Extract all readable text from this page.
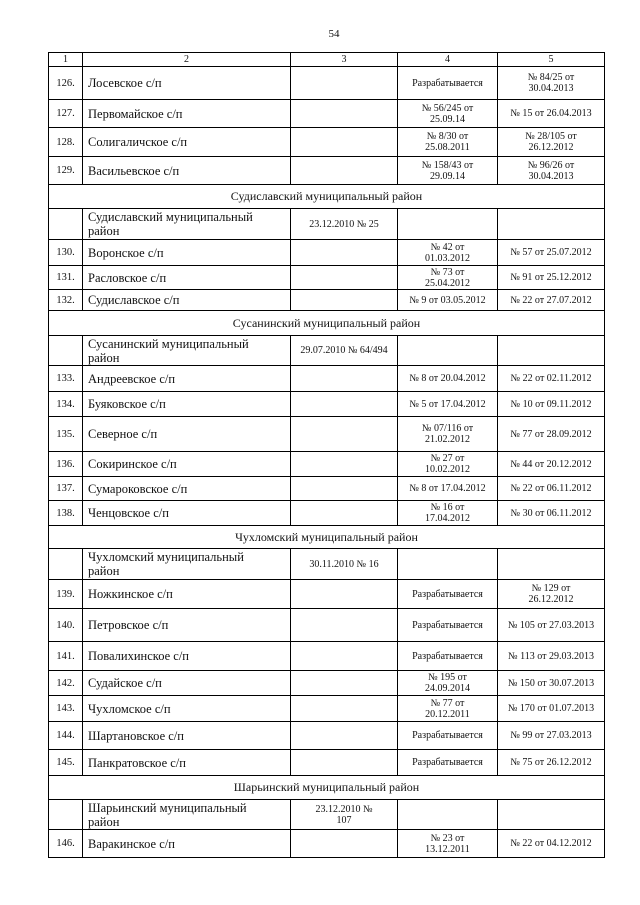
54
1	2	3	4	5
126.	Лосевское с/п		Разрабатывается	№ 84/25 от 30.04.2013
127.	Первомайское с/п		№ 56/245 от 25.09.14	№ 15 от 26.04.2013
128.	Солигаличское с/п		№ 8/30 от 25.08.2011	№ 28/105 от 26.12.2012
129.	Васильевское с/п		№ 158/43 от 29.09.14	№ 96/26 от 30.04.2013
Судиславский муниципальный район				
	Судиславский муниципальный район	23.12.2010 № 25		
130.	Воронское с/п		№ 42 от 01.03.2012	№ 57 от 25.07.2012
131.	Расловское с/п		№ 73 от 25.04.2012	№ 91 от 25.12.2012
132.	Судиславское с/п		№ 9 от 03.05.2012	№ 22 от 27.07.2012
Сусанинский муниципальный район				
	Сусанинский муниципальный район	29.07.2010 № 64/494		
133.	Андреевское с/п		№ 8 от 20.04.2012	№ 22 от 02.11.2012
134.	Буяковское с/п		№ 5 от 17.04.2012	№ 10 от 09.11.2012
135.	Северное с/п		№ 07/116 от 21.02.2012	№ 77 от 28.09.2012
136.	Сокиринское с/п		№ 27 от 10.02.2012	№ 44 от 20.12.2012
137.	Сумароковское с/п		№ 8 от 17.04.2012	№ 22 от 06.11.2012
138.	Ченцовское с/п		№ 16 от 17.04.2012	№ 30 от 06.11.2012
Чухломский муниципальный район				
	Чухломский муниципальный район	30.11.2010 № 16		
139.	Ножкинское с/п		Разрабатывается	№ 129 от 26.12.2012
140.	Петровское с/п		Разрабатывается	№ 105 от 27.03.2013
141.	Повалихинское с/п		Разрабатывается	№ 113 от 29.03.2013
142.	Судайское с/п		№ 195 от 24.09.2014	№ 150 от 30.07.2013
143.	Чухломское с/п		№ 77 от 20.12.2011	№ 170 от 01.07.2013
144.	Шартановское с/п		Разрабатывается	№ 99 от 27.03.2013
145.	Панкратовское с/п		Разрабатывается	№ 75 от 26.12.2012
Шарьинский муниципальный район				
	Шарьинский муниципальный район	23.12.2010 № 107		
146.	Варакинское с/п		№ 23 от 13.12.2011	№ 22 от 04.12.2012
